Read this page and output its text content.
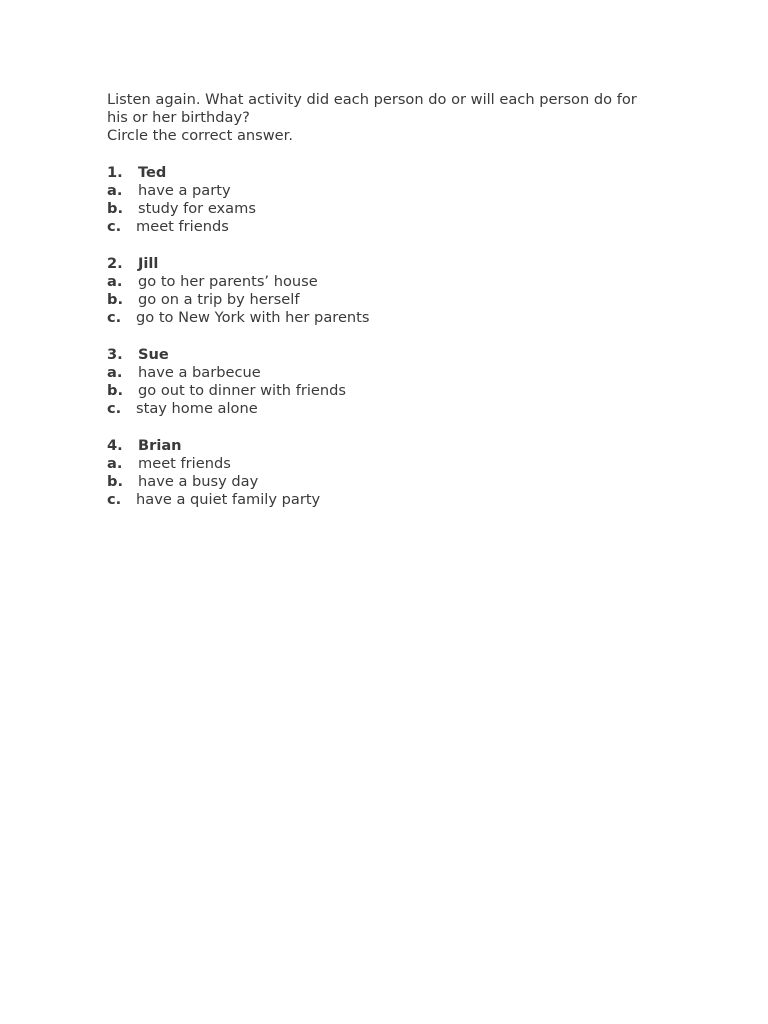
Listen again. What activity did each person do or will each person do for

his or her birthday?

Circle the correct answer.

1.	Ted
a.	have a party
b.	study for exams
c.	meet friends
2.	Jill
a.	go to her parents’ house
b.	go on a trip by herself
c.	go to New York with her parents
3.	Sue
a.	have a barbecue
b.	go out to dinner with friends
c.	stay home alone
4.	Brian
a.	meet friends
b.	have a busy day
c.	have a quiet family party
